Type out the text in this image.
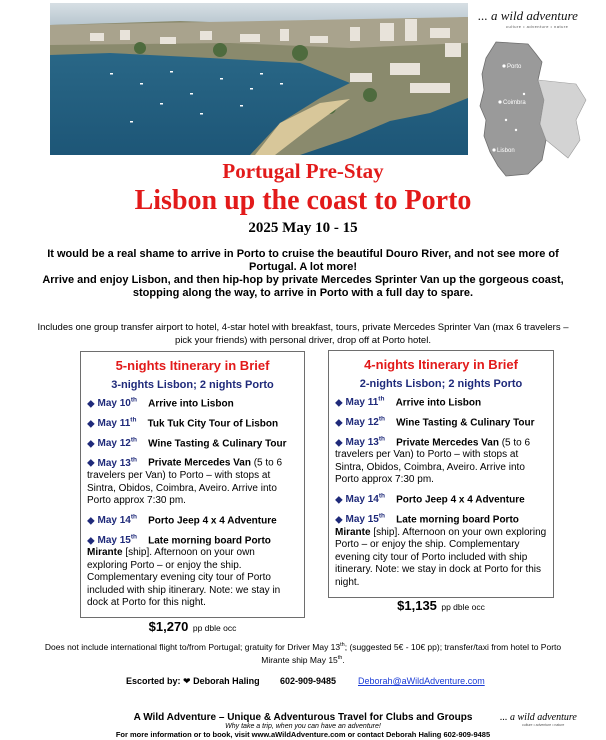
... a wild adventure
culture • adventure • nature
Porto
Coimbra
Lisbon
Portugal Pre-Stay
Lisbon up the coast to Porto
2025 May 10 - 15
It would be a real shame to arrive in Porto to cruise the beautiful Douro River, and not see more of Portugal. A lot more!
Arrive and enjoy Lisbon, and then hip-hop by private Mercedes Sprinter Van up the gorgeous coast, stopping along the way, to arrive in Porto with a full day to spare.
Includes one group transfer airport to hotel, 4-star hotel with breakfast, tours, private Mercedes Sprinter Van (max 6 travelers – pick your friends) with personal driver, drop off at Porto hotel.
5-nights Itinerary in Brief
3-nights Lisbon; 2 nights Porto
◆ May 10th Arrive into Lisbon
◆ May 11th Tuk Tuk City Tour of Lisbon
◆ May 12th Wine Tasting & Culinary Tour
◆ May 13th Private Mercedes Van (5 to 6 travelers per Van) to Porto – with stops at Sintra, Obidos, Coimbra, Aveiro. Arrive into Porto approx 7:30 pm.
◆ May 14th Porto Jeep 4 x 4 Adventure
◆ May 15th Late morning board Porto Mirante [ship]. Afternoon on your own exploring Porto – or enjoy the ship. Complementary evening city tour of Porto included with ship itinerary. Note: we stay in dock at Porto for this night.
$1,270 pp dble occ
4-nights Itinerary in Brief
2-nights Lisbon; 2 nights Porto
◆ May 11th Arrive into Lisbon
◆ May 12th Wine Tasting & Culinary Tour
◆ May 13th Private Mercedes Van (5 to 6 travelers per Van) to Porto – with stops at Sintra, Obidos, Coimbra, Aveiro. Arrive into Porto approx 7:30 pm.
◆ May 14th Porto Jeep 4 x 4 Adventure
◆ May 15th Late morning board Porto Mirante [ship]. Afternoon on your own exploring Porto – or enjoy the ship. Complementary evening city tour of Porto included with ship itinerary. Note: we stay in dock at Porto for this night.
$1,135 pp dble occ
Does not include international flight to/from Portugal; gratuity for Driver May 13th; (suggested 5€ - 10€ pp); transfer/taxi from hotel to Porto Mirante ship May 15th.
Escorted by: ❤ Deborah Haling 602-909-9485 Deborah@aWildAdventure.com
A Wild Adventure – Unique & Adventurous Travel for Clubs and Groups
Why take a trip, when you can have an adventure!
For more information or to book, visit www.aWildAdventure.com or contact Deborah Haling 602-909-9485
... a wild adventure
culture • adventure • nature
